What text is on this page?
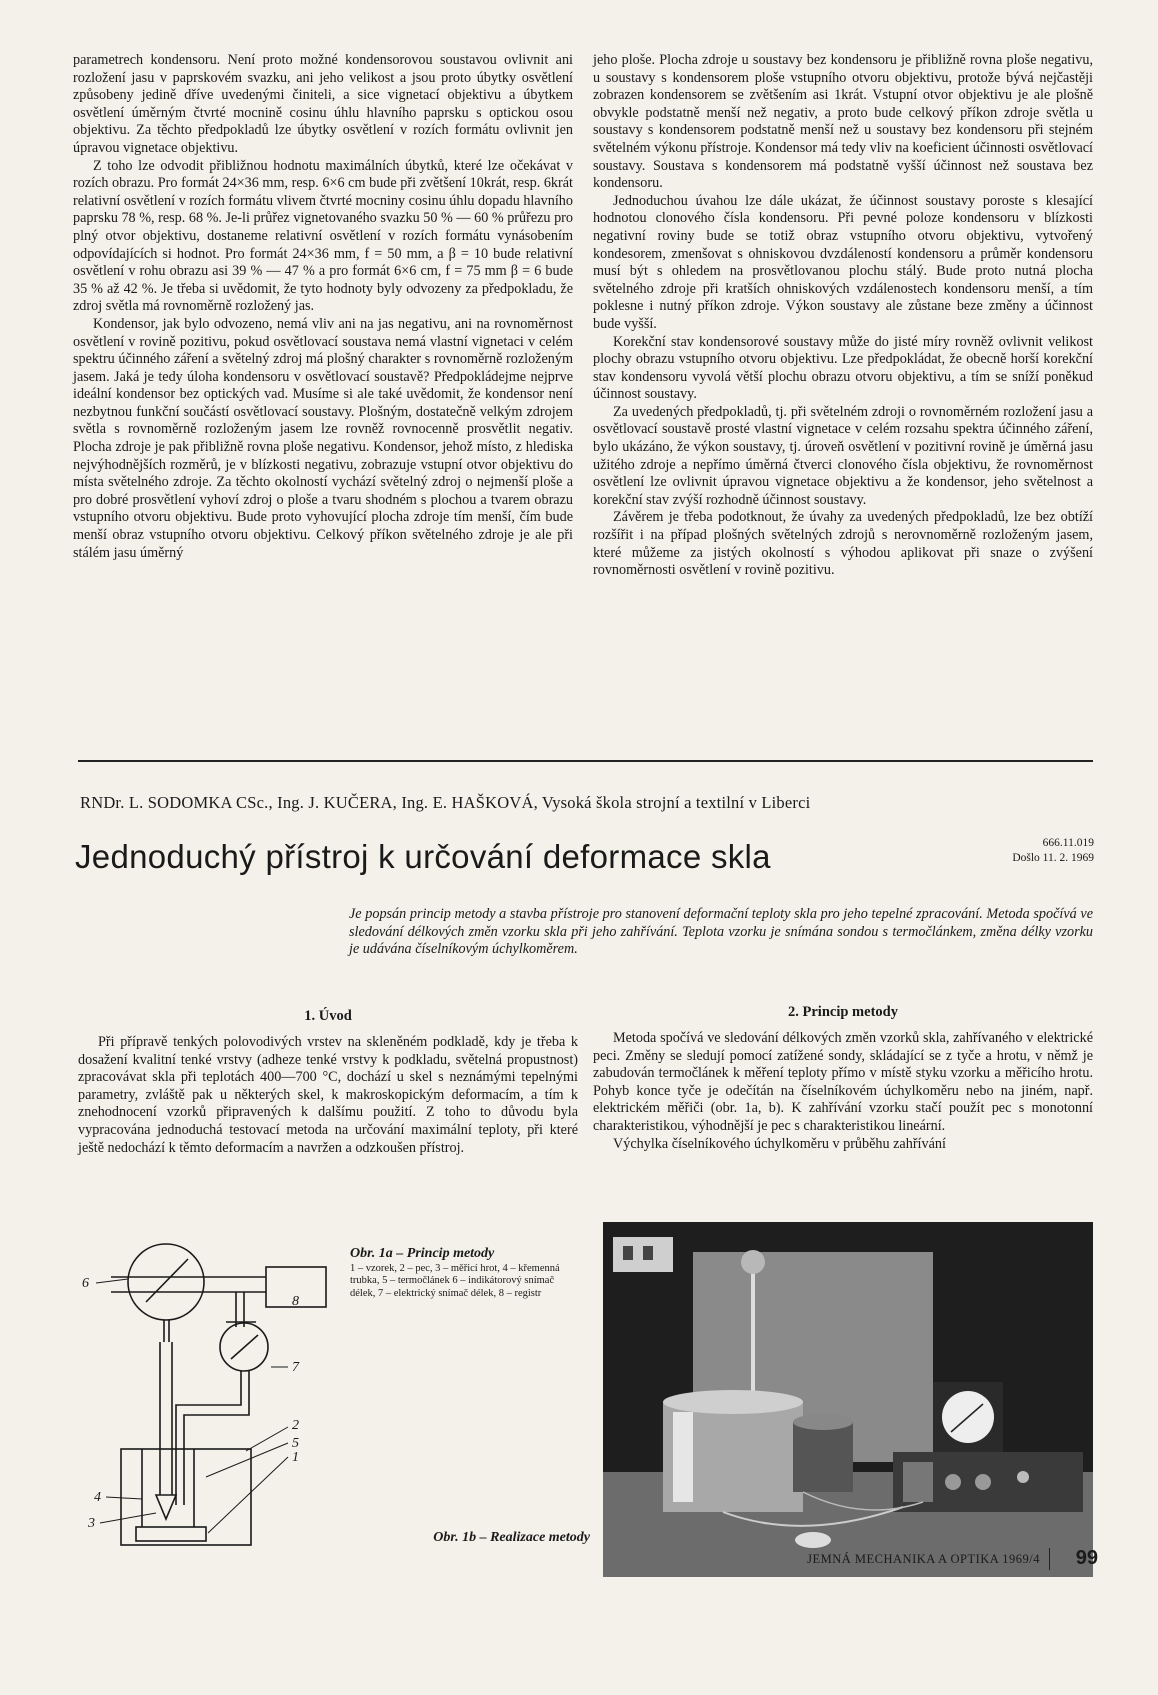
parametrech kondensoru. Není proto možné kondensorovou soustavou ovlivnit ani rozložení jasu v paprskovém svazku, ani jeho velikost a jsou proto úbytky osvětlení způsobeny jedině dříve uvedenými činiteli, a sice vignetací objektivu a úbytkem osvětlení úměrným čtvrté mocnině cosinu úhlu hlavního paprsku s optickou osou objektivu. Za těchto předpokladů lze úbytky osvětlení v rozích formátu ovlivnit jen úpravou vignetace objektivu.

Z toho lze odvodit přibližnou hodnotu maximálních úbytků, které lze očekávat v rozích obrazu. Pro formát 24×36 mm, resp. 6×6 cm bude při zvětšení 10krát, resp. 6krát relativní osvětlení v rozích formátu vlivem čtvrté mocniny cosinu úhlu dopadu hlavního paprsku 78 %, resp. 68 %. Je-li průřez vignetovaného svazku 50 % — 60 % průřezu pro plný otvor objektivu, dostaneme relativní osvětlení v rozích formátu vynásobením odpovídajících si hodnot. Pro formát 24×36 mm, f = 50 mm, a β = 10 bude relativní osvětlení v rohu obrazu asi 39 % — 47 % a pro formát 6×6 cm, f = 75 mm β = 6 bude 35 % až 42 %. Je třeba si uvědomit, že tyto hodnoty byly odvozeny za předpokladu, že zdroj světla má rovnoměrně rozložený jas.

Kondensor, jak bylo odvozeno, nemá vliv ani na jas negativu, ani na rovnoměrnost osvětlení v rovině pozitivu, pokud osvětlovací soustava nemá vlastní vignetaci v celém spektru účinného záření a světelný zdroj má plošný charakter s rovnoměrně rozloženým jasem. Jaká je tedy úloha kondensoru v osvětlovací soustavě? Předpokládejme nejprve ideální kondensor bez optických vad. Musíme si ale také uvědomit, že kondensor není nezbytnou funkční součástí osvětlovací soustavy. Plošným, dostatečně velkým zdrojem světla s rovnoměrně rozloženým jasem lze rovněž rovnocenně prosvětlit negativ. Plocha zdroje je pak přibližně rovna ploše negativu. Kondensor, jehož místo, z hlediska nejvýhodnějších rozměrů, je v blízkosti negativu, zobrazuje vstupní otvor objektivu do místa světelného zdroje. Za těchto okolností vychází světelný zdroj o nejmenší ploše a pro dobré prosvětlení vyhoví zdroj o ploše a tvaru shodném s plochou a tvarem obrazu vstupního otvoru objektivu. Bude proto vyhovující plocha zdroje tím menší, čím bude menší obraz vstupního otvoru objektivu. Celkový příkon světelného zdroje je ale při stálém jasu úměrný

jeho ploše. Plocha zdroje u soustavy bez kondensoru je přibližně rovna ploše negativu, u soustavy s kondensorem ploše vstupního otvoru objektivu, protože bývá nejčastěji zobrazen kondensorem se zvětšením asi 1krát. Vstupní otvor objektivu je ale plošně obvykle podstatně menší než negativ, a proto bude celkový příkon zdroje světla u soustavy s kondensorem podstatně menší než u soustavy bez kondensoru při stejném světelném výkonu přístroje. Kondensor má tedy vliv na koeficient účinnosti osvětlovací soustavy. Soustava s kondensorem má podstatně vyšší účinnost než soustava bez kondensoru.

Jednoduchou úvahou lze dále ukázat, že účinnost soustavy poroste s klesající hodnotou clonového čísla kondensoru. Při pevné poloze kondensoru v blízkosti negativní roviny bude se totiž obraz vstupního otvoru objektivu, vytvořený kondesorem, zmenšovat s ohniskovou dvzdáleností kondensoru a průměr kondensoru musí být s ohledem na prosvětlovanou plochu stálý. Bude proto nutná plocha světelného zdroje při kratších ohniskových vzdálenostech kondensoru menší, a tím poklesne i nutný příkon zdroje. Výkon soustavy ale zůstane beze změny a účinnost bude vyšší.

Korekční stav kondensorové soustavy může do jisté míry rovněž ovlivnit velikost plochy obrazu vstupního otvoru objektivu. Lze předpokládat, že obecně horší korekční stav kondensoru vyvolá větší plochu obrazu otvoru objektivu, a tím se sníží poněkud účinnost soustavy.

Za uvedených předpokladů, tj. při světelném zdroji o rovnoměrném rozložení jasu a osvětlovací soustavě prosté vlastní vignetace v celém rozsahu spektra účinného záření, bylo ukázáno, že výkon soustavy, tj. úroveň osvětlení v pozitivní rovině je úměrná jasu užitého zdroje a nepřímo úměrná čtverci clonového čísla objektivu, že rovnoměrnost osvětlení lze ovlivnit úpravou vignetace objektivu a že kondensor, jeho světelnost a korekční stav zvýší rozhodně účinnost soustavy.

Závěrem je třeba podotknout, že úvahy za uvedených předpokladů, lze bez obtíží rozšířit i na případ plošných světelných zdrojů s nerovnoměrně rozloženým jasem, které můžeme za jistých okolností s výhodou aplikovat při snaze o zvýšení rovnoměrnosti osvětlení v rovině pozitivu.

RNDr. L. SODOMKA CSc., Ing. J. KUČERA, Ing. E. HAŠKOVÁ, Vysoká škola strojní a textilní v Liberci
Jednoduchý přístroj k určování deformace skla	666.11.019
Došlo 11. 2. 1969

Je popsán princip metody a stavba přístroje pro stanovení deformační teploty skla pro jeho tepelné zpracování. Metoda spočívá ve sledování délkových změn vzorku skla při jeho zahřívání. Teplota vzorku je snímána sondou s termočlánkem, změna délky vzorku je udávána číselníkovým úchylkoměrem.

1. Úvod	2. Princip metody

Při přípravě tenkých polovodivých vrstev na skleněném podkladě, kdy je třeba k dosažení kvalitní tenké vrstvy (adheze tenké vrstvy k podkladu, světelná propustnost) zpracovávat skla při teplotách 400—700 °C, dochází u skel s neznámými tepelnými parametry, zvláště pak u některých skel, k makroskopickým deformacím, a tím k znehodnocení vzorků připravených k dalšímu použití. Z toho to důvodu byla vypracována jednoduchá testovací metoda na určování maximální teploty, při které ještě nedochází k těmto deformacím a navržen a odzkoušen přístroj.

Metoda spočívá ve sledování délkových změn vzorků skla, zahřívaného v elektrické peci. Změny se sledují pomocí zatížené sondy, skládající se z tyče a hrotu, v němž je zabudován termočlánek k měření teploty přímo v místě styku vzorku a měřicího hrotu. Pohyb konce tyče je odečítán na číselníkovém úchylkoměru nebo na jiném, např. elektrickém měřiči (obr. 1a, b). K zahřívání vzorku stačí použít pec s monotonní charakteristikou, výhodnější je pec s charakteristikou lineární.

Výchylka číselníkového úchylkoměru v průběhu zahřívání

6
8
7
2
5
1
4
3
Obr. 1a – Princip metody
1 – vzorek, 2 – pec, 3 – měřicí hrot, 4 – křemenná trubka, 5 – termočlánek 6 – indikátorový snímač délek, 7 – elektrický snímač délek, 8 – registr
Obr. 1b – Realizace metody
JEMNÁ MECHANIKA A OPTIKA 1969/4 99
